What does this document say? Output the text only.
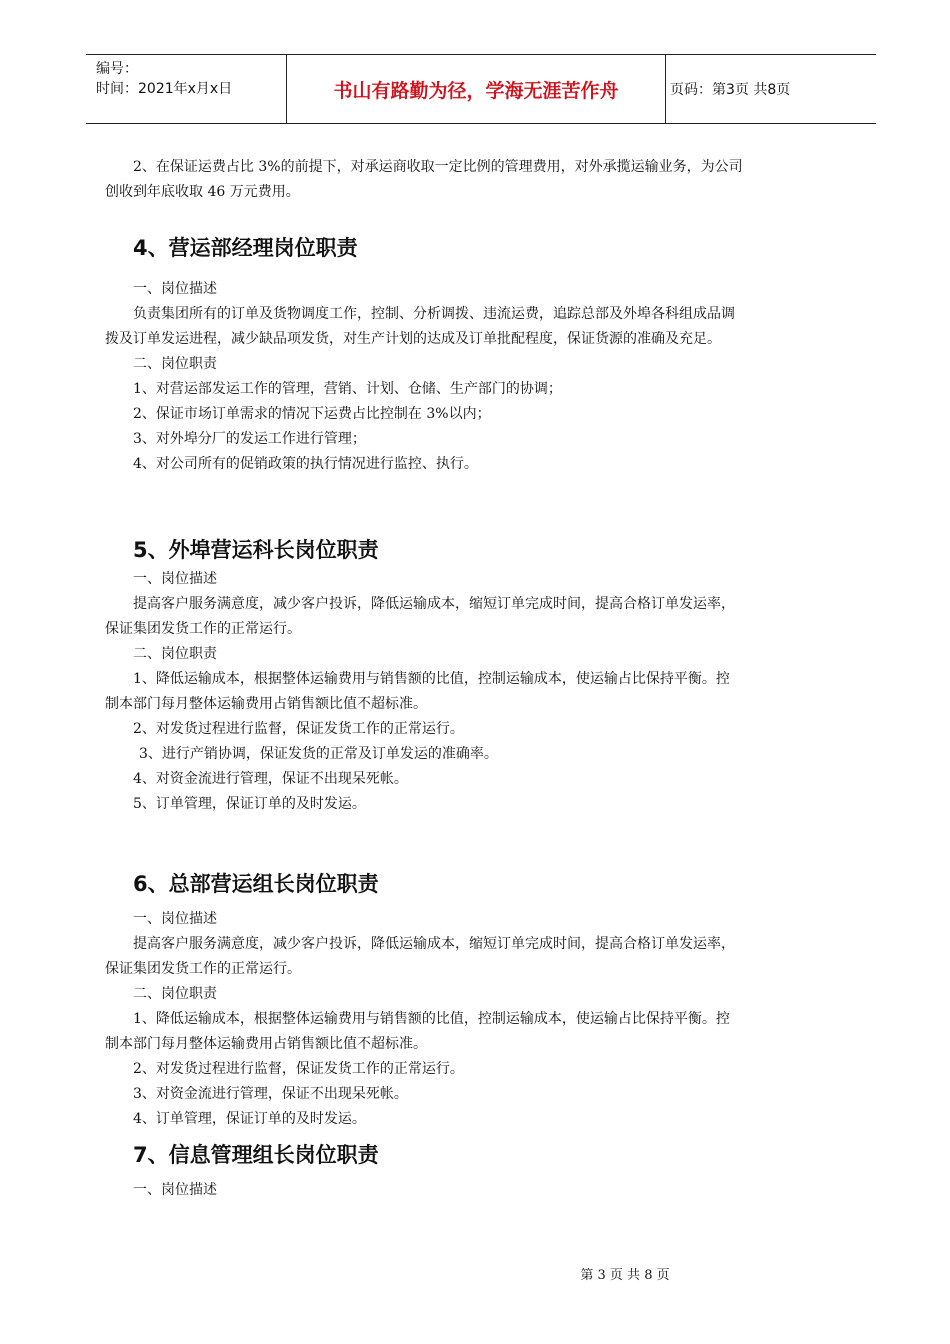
编号：
时间：2021年x月x日	书山有路勤为径，学海无涯苦作舟	页码：第3页 共8页

2、在保证运费占比 3%的前提下，对承运商收取一定比例的管理费用，对外承揽运输业务，为公司

创收到年底收取 46 万元费用。

4、营运部经理岗位职责

一、岗位描述

负责集团所有的订单及货物调度工作，控制、分析调拨、违流运费，追踪总部及外埠各科组成品调

拨及订单发运进程，减少缺品项发货，对生产计划的达成及订单批配程度，保证货源的准确及充足。

二、岗位职责

1、对营运部发运工作的管理，营销、计划、仓储、生产部门的协调；

2、保证市场订单需求的情况下运费占比控制在 3%以内；

3、对外埠分厂的发运工作进行管理；

4、对公司所有的促销政策的执行情况进行监控、执行。

5、外埠营运科长岗位职责

一、岗位描述

提高客户服务满意度，减少客户投诉，降低运输成本，缩短订单完成时间，提高合格订单发运率，

保证集团发货工作的正常运行。

二、岗位职责

1、降低运输成本，根据整体运输费用与销售额的比值，控制运输成本，使运输占比保持平衡。控

制本部门每月整体运输费用占销售额比值不超标准。

2、对发货过程进行监督，保证发货工作的正常运行。

3、进行产销协调，保证发货的正常及订单发运的准确率。

4、对资金流进行管理，保证不出现呆死帐。

5、订单管理，保证订单的及时发运。

6、总部营运组长岗位职责

一、岗位描述

提高客户服务满意度，减少客户投诉，降低运输成本，缩短订单完成时间，提高合格订单发运率，

保证集团发货工作的正常运行。

二、岗位职责

1、降低运输成本，根据整体运输费用与销售额的比值，控制运输成本，使运输占比保持平衡。控

制本部门每月整体运输费用占销售额比值不超标准。

2、对发货过程进行监督，保证发货工作的正常运行。

3、对资金流进行管理，保证不出现呆死帐。

4、订单管理，保证订单的及时发运。

7、信息管理组长岗位职责

一、岗位描述

第 3 页 共 8 页
